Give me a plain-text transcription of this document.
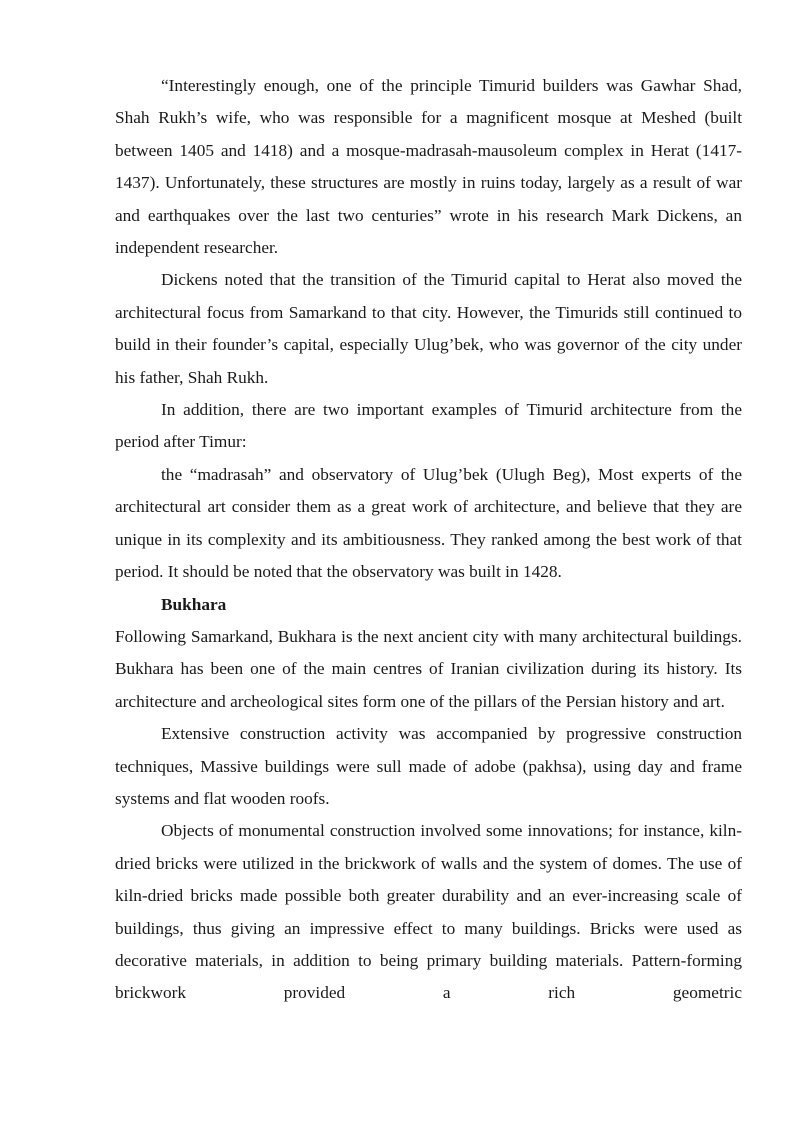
“Interestingly enough, one of the principle Timurid builders was Gawhar Shad, Shah Rukh’s wife, who was responsible for a magnificent mosque at Meshed (built between 1405 and 1418) and a mosque-madrasah-mausoleum complex in Herat (1417-1437). Unfortunately, these structures are mostly in ruins today, largely as a result of war and earthquakes over the last two centuries” wrote in his research Mark Dickens, an independent researcher.

Dickens noted that the transition of the Timurid capital to Herat also moved the architectural focus from Samarkand to that city. However, the Timurids still continued to build in their founder’s capital, especially Ulug’bek, who was governor of the city under his father, Shah Rukh.

In addition, there are two important examples of Timurid architecture from the period after Timur:

the “madrasah” and observatory of Ulug’bek (Ulugh Beg), Most experts of the architectural art consider them as a great work of architecture, and believe that they are unique in its complexity and its ambitiousness. They ranked among the best work of that period. It should be noted that the observatory was built in 1428.

Bukhara

Following Samarkand, Bukhara is the next ancient city with many architectural buildings. Bukhara has been one of the main centres of Iranian civilization during its history. Its architecture and archeological sites form one of the pillars of the Persian history and art.

Extensive construction activity was accompanied by progressive construction techniques, Massive buildings were sull made of adobe (pakhsa), using day and frame systems and flat wooden roofs.

Objects of monumental construction involved some innovations; for instance, kiln-dried bricks were utilized in the brickwork of walls and the system of domes. The use of kiln-dried bricks made possible both greater durability and an ever-increasing scale of buildings, thus giving an impressive effect to many buildings. Bricks were used as decorative materials, in addition to being primary building materials. Pattern-forming brickwork provided a rich geometric
